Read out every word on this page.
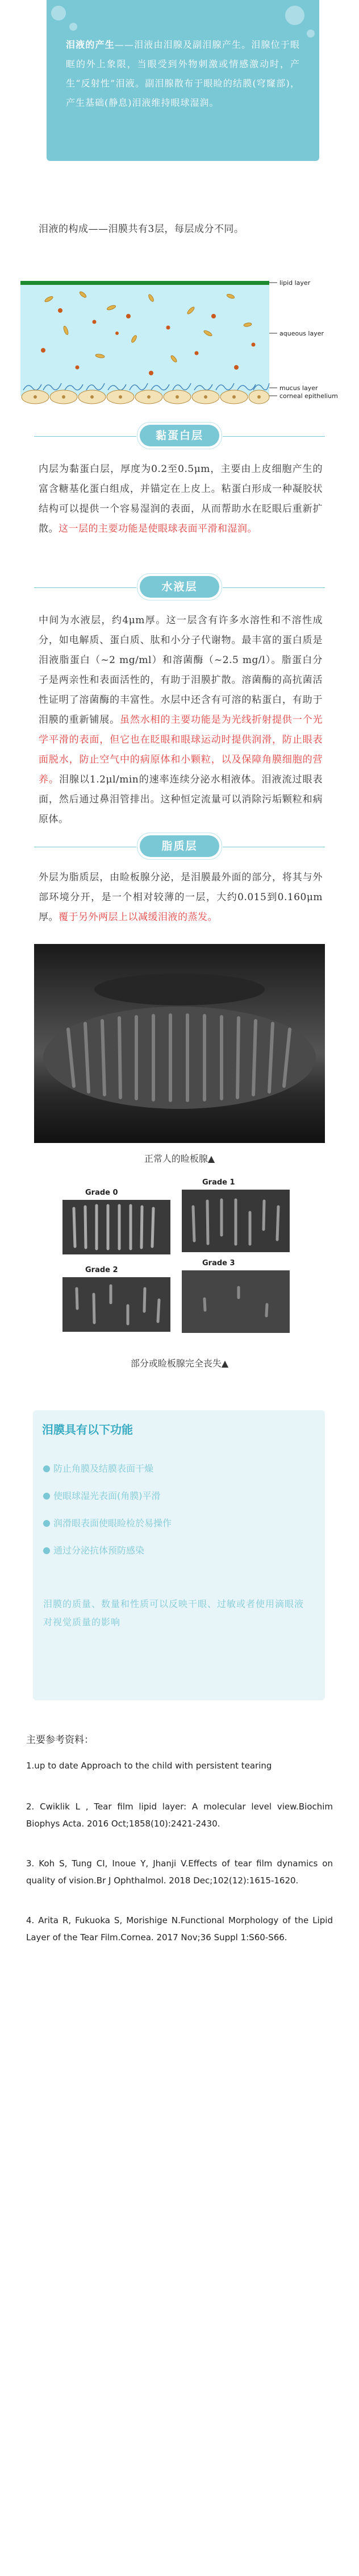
泪液的产生——泪液由泪腺及副泪腺产生。泪腺位于眼眶的外上象限，当眼受到外物刺激或情感激动时，产生“反射性”泪液。副泪腺散布于眼睑的结膜(穹窿部)，产生基础(静息)泪液维持眼球湿润。

泪液的构成——泪膜共有3层，每层成分不同。

lipid layer
aqueous layer
mucus layer
corneal epithelium
黏蛋白层

内层为黏蛋白层，厚度为0.2至0.5μm，主要由上皮细胞产生的富含糖基化蛋白组成，并锚定在上皮上。粘蛋白形成一种凝胶状结构可以提供一个容易湿润的表面，从而帮助水在眨眼后重新扩散。这一层的主要功能是使眼球表面平滑和湿润。

水液层

中间为水液层，约4μm厚。这一层含有许多水溶性和不溶性成分，如电解质、蛋白质、肽和小分子代谢物。最丰富的蛋白质是泪液脂蛋白（~2 mg/ml）和溶菌酶（~2.5 mg/l）。脂蛋白分子是两亲性和表面活性的，有助于泪膜扩散。溶菌酶的高抗菌活性证明了溶菌酶的丰富性。水层中还含有可溶的粘蛋白，有助于泪膜的重新铺展。虽然水相的主要功能是为光线折射提供一个光学平滑的表面，但它也在眨眼和眼球运动时提供润滑，防止眼表面脱水，防止空气中的病原体和小颗粒，以及保障角膜细胞的营养。泪腺以1.2μl/min的速率连续分泌水相液体。泪液流过眼表面，然后通过鼻泪管排出。这种恒定流量可以消除污垢颗粒和病原体。

脂质层

外层为脂质层，由睑板腺分泌，是泪膜最外面的部分，将其与外部环境分开，是一个相对较薄的一层，大约0.015到0.160μm厚。覆于另外两层上以减缓泪液的蒸发。

正常人的睑板腺▲
Grade 0
Grade 1
Grade 2
Grade 3
部分或睑板腺完全丧失▲
泪膜具有以下功能
防止角膜及结膜表面干燥
使眼球湿光表面(角膜)平滑
润滑眼表面使眼睑检於易操作
通过分泌抗体预防感染

泪膜的质量、数量和性质可以反映干眼、过敏或者使用滴眼液对视觉质量的影响

主要参考资料：

1.up to date Approach to the child with persistent tearing

2. Cwiklik L , Tear film lipid layer: A molecular level view.Biochim Biophys Acta. 2016 Oct;1858(10):2421-2430.

3. Koh S, Tung CI, Inoue Y, Jhanji V.Effects of tear film dynamics on quality of vision.Br J Ophthalmol. 2018 Dec;102(12):1615-1620.

4. Arita R, Fukuoka S, Morishige N.Functional Morphology of the Lipid Layer of the Tear Film.Cornea. 2017 Nov;36 Suppl 1:S60-S66.
